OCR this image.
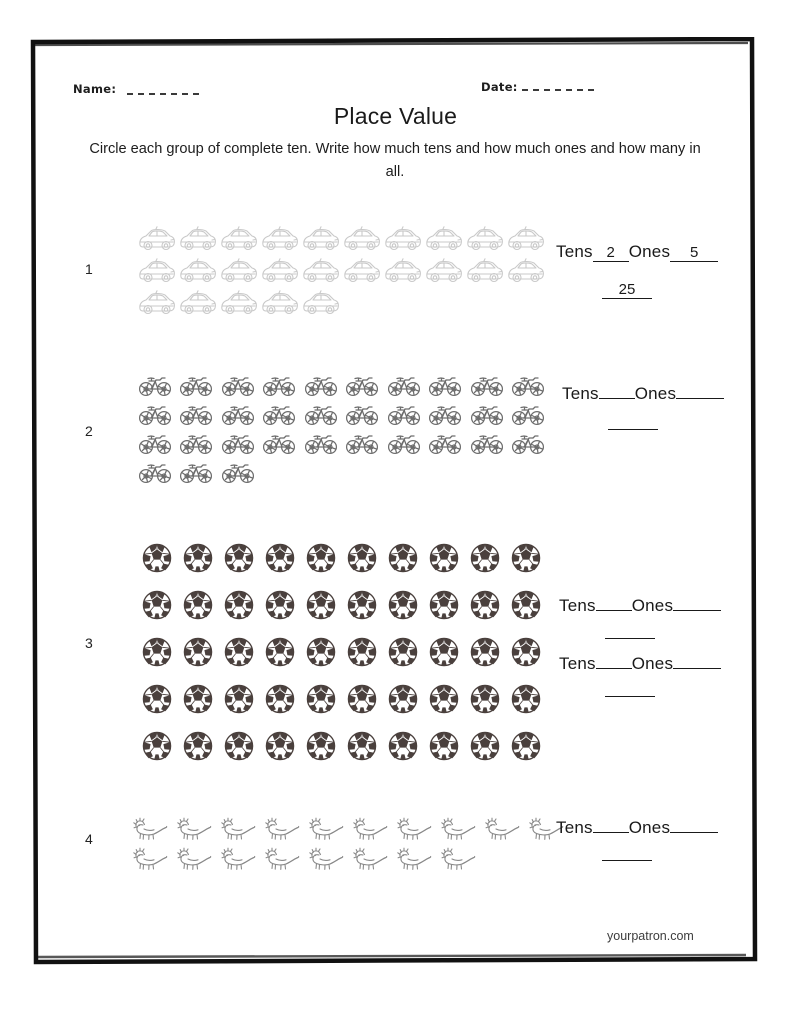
Name:	Date:
Place Value
Circle each group of complete ten. Write how much tens and how much ones and how many in all.
1
Tens 2 Ones	5
25
2
Tens Ones
3
Tens Ones
Tens Ones
4
Tens Ones
yourpatron.com
